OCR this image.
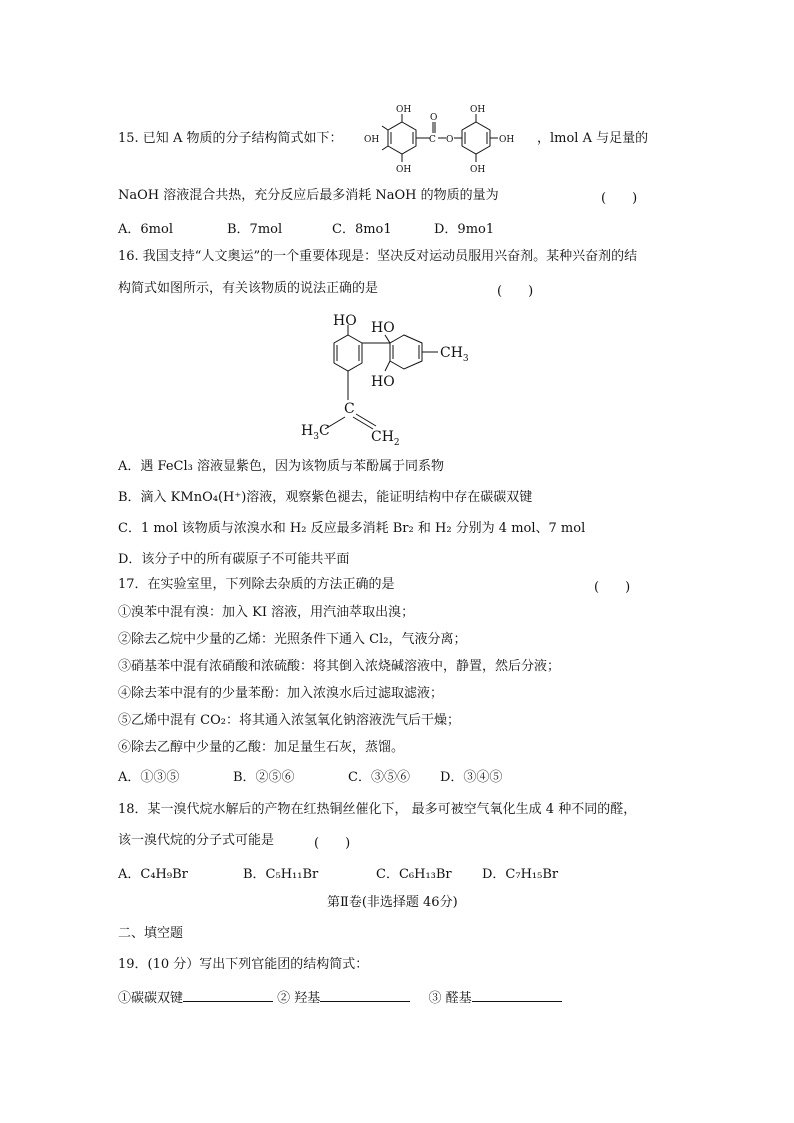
15. 已知 A 物质的分子结构简式如下：
OH
OH
OH
C
O
O
OH
OH
OH
，lmol A 与足量的
NaOH 溶液混合共热，充分反应后最多消耗 NaOH 的物质的量为	(　　)
A．6mol	B．7mol	C．8mo1	D．9mo1
16. 我国支持“人文奥运”的一个重要体现是：坚决反对运动员服用兴奋剂。某种兴奋剂的结
构简式如图所示，有关该物质的说法正确的是	(　　)
HO HO
HO
$CH_3$
C
$H_3C$	$CH_2$
A．遇 FeCl₃ 溶液显紫色，因为该物质与苯酚属于同系物
B．滴入 KMnO₄(H⁺)溶液，观察紫色褪去，能证明结构中存在碳碳双键
C．1 mol 该物质与浓溴水和 H₂ 反应最多消耗 Br₂ 和 H₂ 分别为 4 mol、7 mol
D．该分子中的所有碳原子不可能共平面
17．在实验室里，下列除去杂质的方法正确的是	(　　)
①溴苯中混有溴：加入 KI 溶液，用汽油萃取出溴；
②除去乙烷中少量的乙烯：光照条件下通入 Cl₂，气液分离；
③硝基苯中混有浓硝酸和浓硫酸：将其倒入浓烧碱溶液中，静置，然后分液；
④除去苯中混有的少量苯酚：加入浓溴水后过滤取滤液；
⑤乙烯中混有 CO₂：将其通入浓氢氧化钠溶液洗气后干燥；
⑥除去乙醇中少量的乙酸：加足量生石灰，蒸馏。
A．①③⑤	B．②⑤⑥	C．③⑤⑥ D．③④⑤
18．某一溴代烷水解后的产物在红热铜丝催化下， 最多可被空气氧化生成 4 种不同的醛，
该一溴代烷的分子式可能是	(　　)
A．C₄H₉Br	B．C₅H₁₁Br	C．C₆H₁₃Br D．C₇H₁₅Br
第Ⅱ卷(非选择题 46分)
二、填空题
19．(10 分）写出下列官能团的结构简式：
①碳碳双键	② 羟基	③ 醛基
